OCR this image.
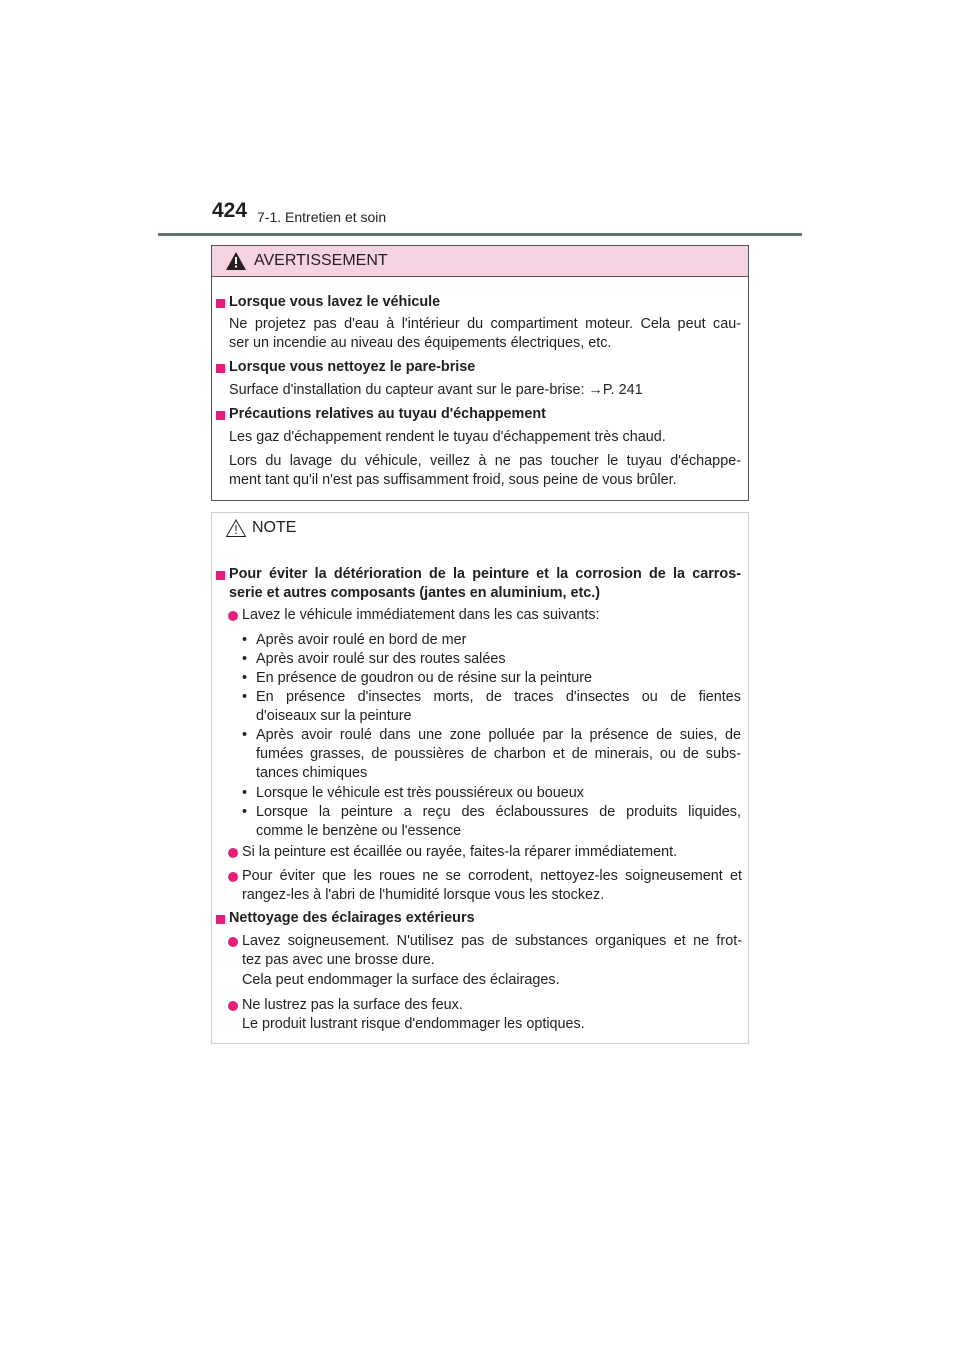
424 7-1. Entretien et soin
AVERTISSEMENT
Lorsque vous lavez le véhicule
Ne projetez pas d'eau à l'intérieur du compartiment moteur. Cela peut cau-
ser un incendie au niveau des équipements électriques, etc.
Lorsque vous nettoyez le pare-brise
Surface d'installation du capteur avant sur le pare-brise: →P. 241
Précautions relatives au tuyau d'échappement
Les gaz d'échappement rendent le tuyau d'échappement très chaud.
Lors du lavage du véhicule, veillez à ne pas toucher le tuyau d'échappe-
ment tant qu'il n'est pas suffisamment froid, sous peine de vous brûler.
NOTE
Pour éviter la détérioration de la peinture et la corrosion de la carros-
serie et autres composants (jantes en aluminium, etc.)
Lavez le véhicule immédiatement dans les cas suivants:
• Après avoir roulé en bord de mer
• Après avoir roulé sur des routes salées
• En présence de goudron ou de résine sur la peinture
• En présence d'insectes morts, de traces d'insectes ou de fientes
d'oiseaux sur la peinture
• Après avoir roulé dans une zone polluée par la présence de suies, de
fumées grasses, de poussières de charbon et de minerais, ou de subs-
tances chimiques
• Lorsque le véhicule est très poussiéreux ou boueux
• Lorsque la peinture a reçu des éclaboussures de produits liquides,
comme le benzène ou l'essence
Si la peinture est écaillée ou rayée, faites-la réparer immédiatement.
Pour éviter que les roues ne se corrodent, nettoyez-les soigneusement et
rangez-les à l'abri de l'humidité lorsque vous les stockez.
Nettoyage des éclairages extérieurs
Lavez soigneusement. N'utilisez pas de substances organiques et ne frot-
tez pas avec une brosse dure.
Cela peut endommager la surface des éclairages.
Ne lustrez pas la surface des feux.
Le produit lustrant risque d'endommager les optiques.
